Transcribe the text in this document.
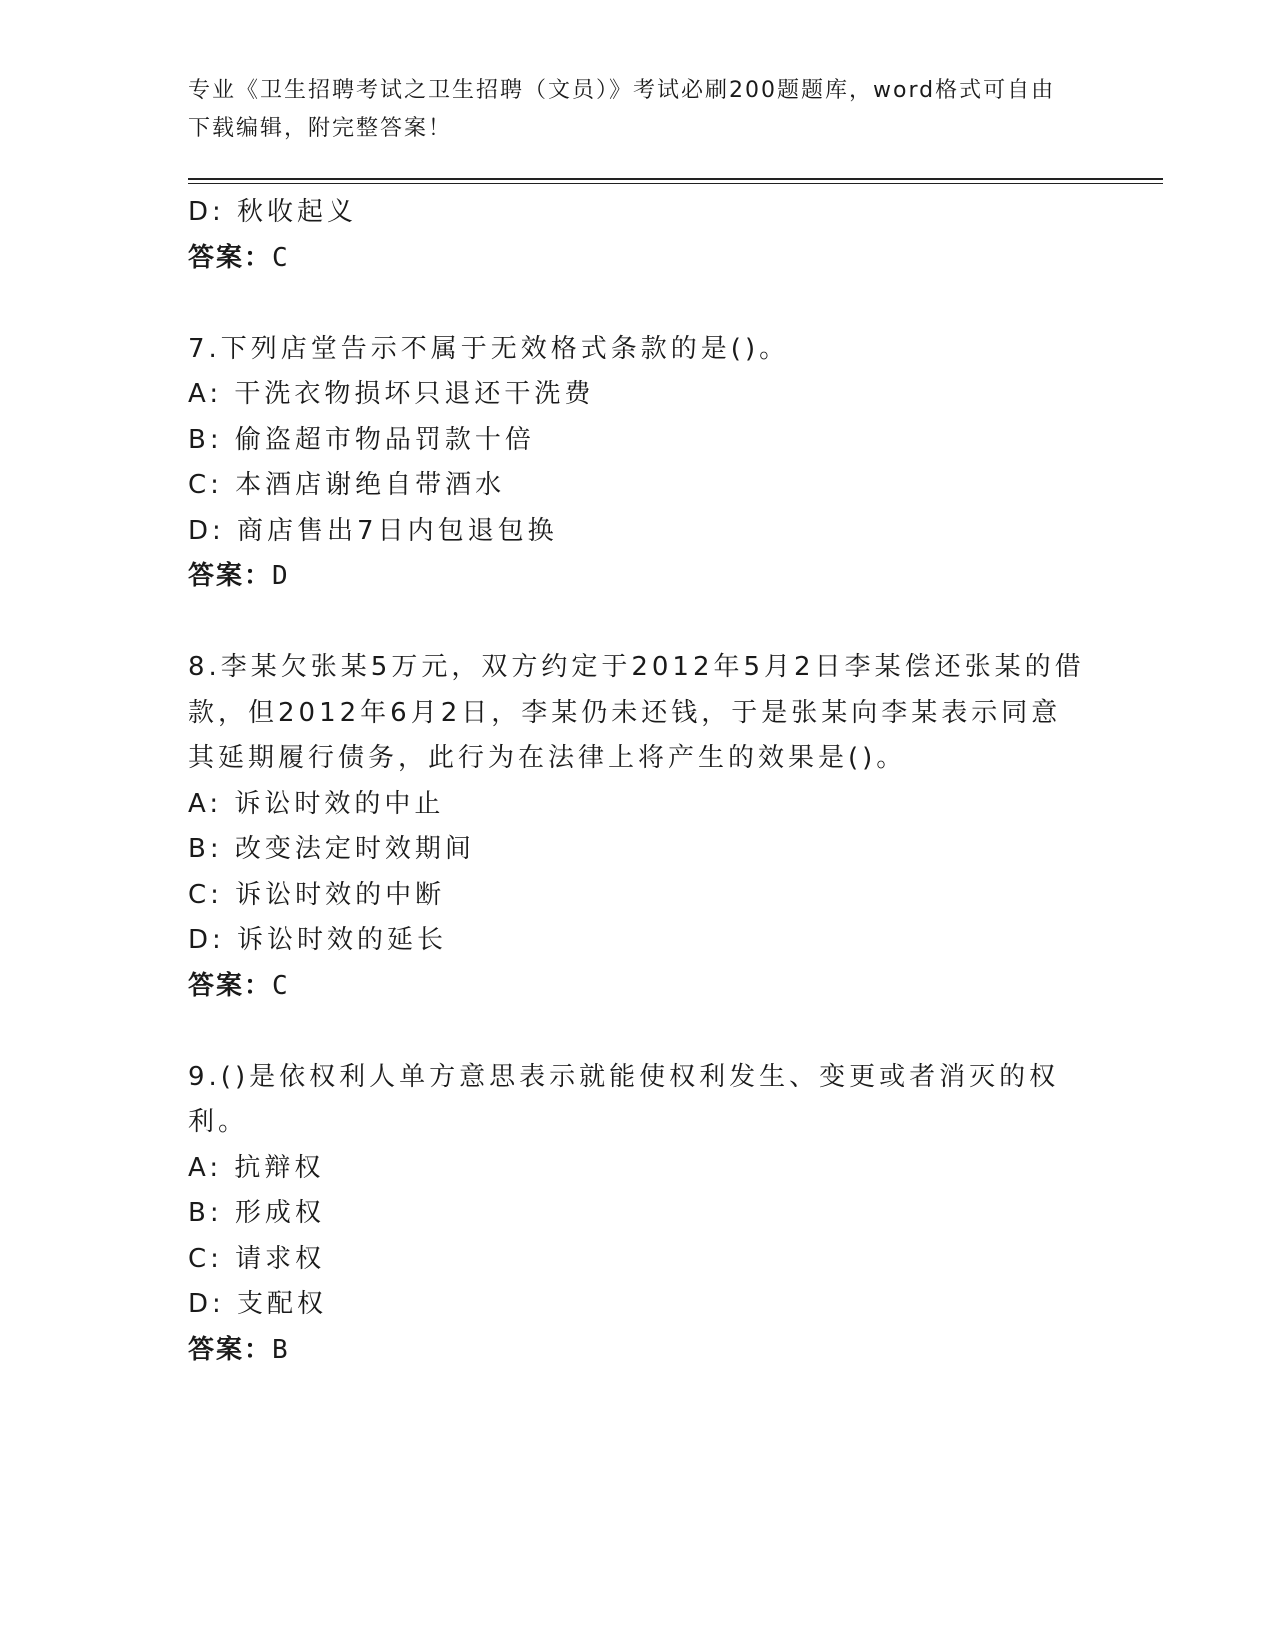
专业《卫生招聘考试之卫生招聘（文员）》考试必刷200题题库，word格式可自由下载编辑，附完整答案！

D: 秋收起义
答案：C
7.下列店堂告示不属于无效格式条款的是()。
A: 干洗衣物损坏只退还干洗费
B: 偷盗超市物品罚款十倍
C: 本酒店谢绝自带酒水
D: 商店售出7日内包退包换
答案：D
8.李某欠张某5万元，双方约定于2012年5月2日李某偿还张某的借款，但2012年6月2日，李某仍未还钱，于是张某向李某表示同意其延期履行债务，此行为在法律上将产生的效果是()。
A: 诉讼时效的中止
B: 改变法定时效期间
C: 诉讼时效的中断
D: 诉讼时效的延长
答案：C
9.()是依权利人单方意思表示就能使权利发生、变更或者消灭的权利。
A: 抗辩权
B: 形成权
C: 请求权
D: 支配权
答案：B
